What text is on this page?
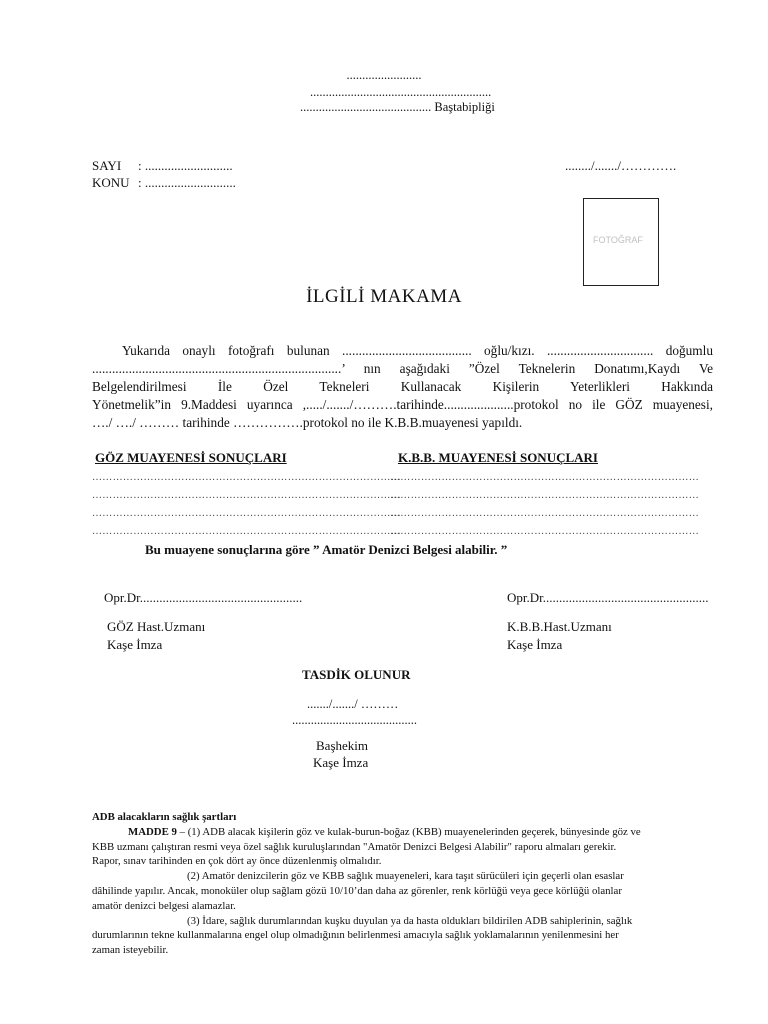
........................
..........................................................
.......................................... Baştabipliği
SAYI : ...........................
KONU : ............................
......../......./………….
FOTOĞRAF
İLGİLİ MAKAMA
Yukarıda onaylı fotoğrafı bulunan ....................................... oğlu/kızı. ................................ doğumlu
...........................................................................’ nın aşağıdaki ”Özel Teknelerin Donatımı,Kaydı Ve
Belgelendirilmesi İle Özel Tekneleri Kullanacak Kişilerin Yeterlikleri Hakkında
Yönetmelik”in 9.Maddesi uyarınca ,...../......./……….tarihinde.....................protokol no ile GÖZ muayenesi,
…./ …./ ……… tarihinde …………….protokol no ile K.B.B.muayenesi yapıldı.
GÖZ MUAYENESİ SONUÇLARI	K.B.B. MUAYENESİ SONUÇLARI
………………………………………………………………………………
………………………………………………………………………………
………………………………………………………………………………
………………………………………………………………………………
………………………………………………………………………………
………………………………………………………………………………
………………………………………………………………………………
………………………………………………………………………………
Bu muayene sonuçlarına göre ” Amatör Denizci Belgesi alabilir. ”
Opr.Dr..................................................
GÖZ Hast.Uzmanı
Kaşe İmza
Opr.Dr...................................................
K.B.B.Hast.Uzmanı
Kaşe İmza
TASDİK OLUNUR
......./......./ ………
........................................
Başhekim
Kaşe İmza
ADB alacakların sağlık şartları
MADDE 9 – (1) ADB alacak kişilerin göz ve kulak-burun-boğaz (KBB) muayenelerinden geçerek, bünyesinde göz ve
KBB uzmanı çalıştıran resmi veya özel sağlık kuruluşlarından "Amatör Denizci Belgesi Alabilir" raporu almaları gerekir.
Rapor, sınav tarihinden en çok dört ay önce düzenlenmiş olmalıdır.
(2) Amatör denizcilerin göz ve KBB sağlık muayeneleri, kara taşıt sürücüleri için geçerli olan esaslar
dâhilinde yapılır. Ancak, monoküler olup sağlam gözü 10/10’dan daha az görenler, renk körlüğü veya gece körlüğü olanlar
amatör denizci belgesi alamazlar.
(3) İdare, sağlık durumlarından kuşku duyulan ya da hasta oldukları bildirilen ADB sahiplerinin, sağlık
durumlarının tekne kullanmalarına engel olup olmadığının belirlenmesi amacıyla sağlık yoklamalarının yenilenmesini her
zaman isteyebilir.
